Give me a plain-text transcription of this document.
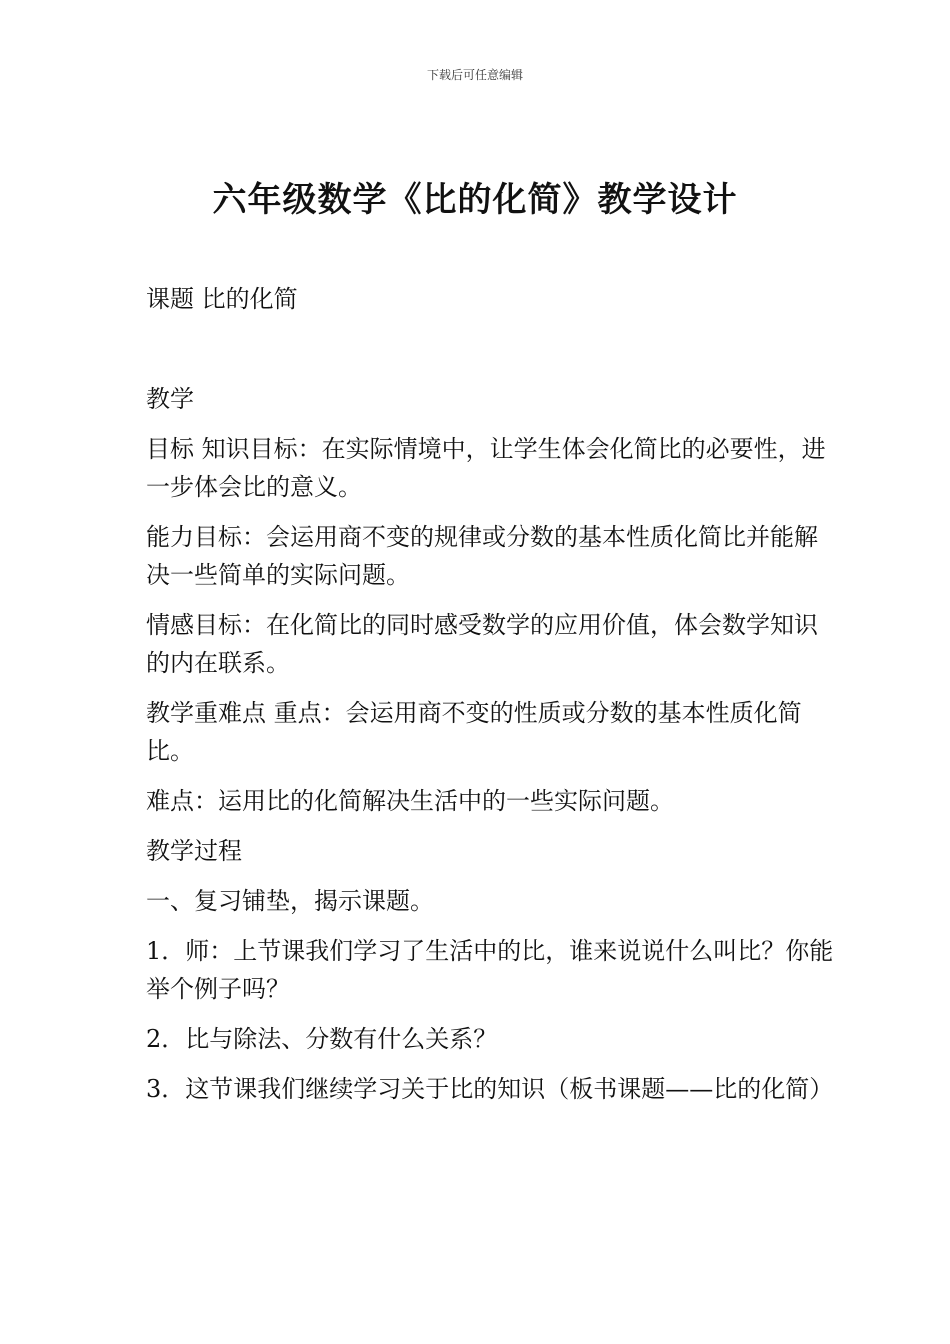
下载后可任意编辑
六年级数学《比的化简》教学设计

课题 比的化简

教学

目标 知识目标：在实际情境中，让学生体会化简比的必要性，进一步体会比的意义。

能力目标：会运用商不变的规律或分数的基本性质化简比并能解决一些简单的实际问题。

情感目标：在化简比的同时感受数学的应用价值，体会数学知识的内在联系。

教学重难点 重点：会运用商不变的性质或分数的基本性质化简比。

难点：运用比的化简解决生活中的一些实际问题。

教学过程

一、复习铺垫，揭示课题。

1．师：上节课我们学习了生活中的比，谁来说说什么叫比？你能举个例子吗？

2．比与除法、分数有什么关系？

3．这节课我们继续学习关于比的知识（板书课题——比的化简）
